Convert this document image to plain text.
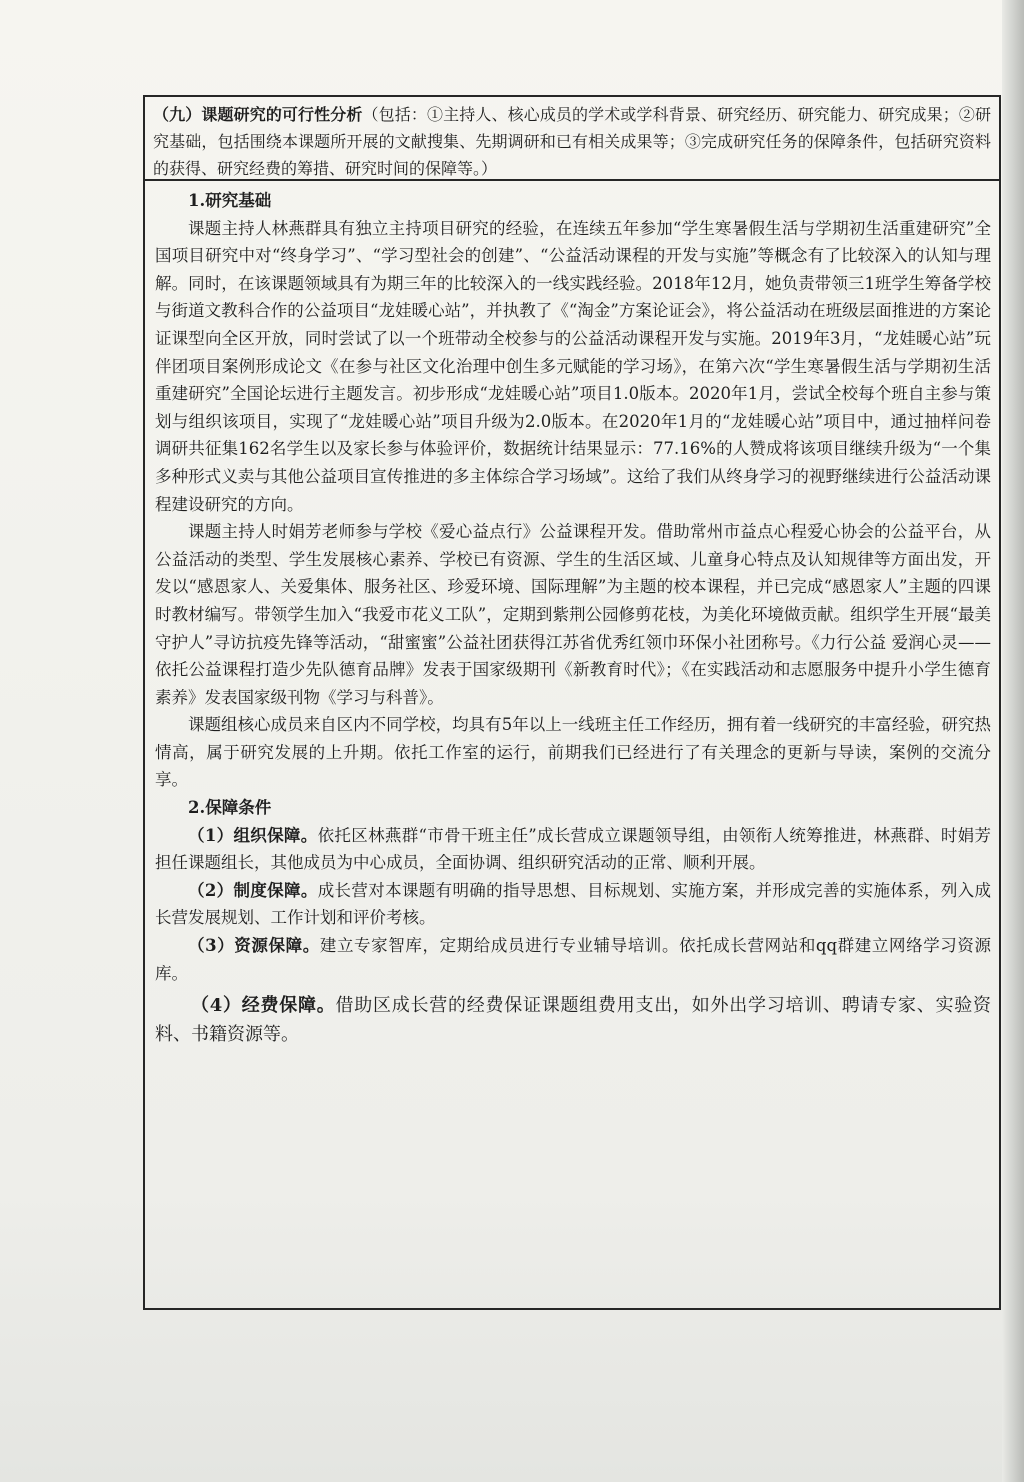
（九）课题研究的可行性分析（包括：①主持人、核心成员的学术或学科背景、研究经历、研究能力、研究成果；②研究基础，包括围绕本课题所开展的文献搜集、先期调研和已有相关成果等；③完成研究任务的保障条件，包括研究资料的获得、研究经费的筹措、研究时间的保障等。）
1.研究基础

课题主持人林燕群具有独立主持项目研究的经验，在连续五年参加“学生寒暑假生活与学期初生活重建研究”全国项目研究中对“终身学习”、“学习型社会的创建”、“公益活动课程的开发与实施”等概念有了比较深入的认知与理解。同时，在该课题领域具有为期三年的比较深入的一线实践经验。2018年12月，她负责带领三1班学生筹备学校与街道文教科合作的公益项目“龙娃暖心站”，并执教了《“淘金”方案论证会》，将公益活动在班级层面推进的方案论证课型向全区开放，同时尝试了以一个班带动全校参与的公益活动课程开发与实施。2019年3月，“龙娃暖心站”玩伴团项目案例形成论文《在参与社区文化治理中创生多元赋能的学习场》，在第六次“学生寒暑假生活与学期初生活重建研究”全国论坛进行主题发言。初步形成“龙娃暖心站”项目1.0版本。2020年1月，尝试全校每个班自主参与策划与组织该项目，实现了“龙娃暖心站”项目升级为2.0版本。在2020年1月的“龙娃暖心站”项目中，通过抽样问卷调研共征集162名学生以及家长参与体验评价，数据统计结果显示：77.16%的人赞成将该项目继续升级为“一个集多种形式义卖与其他公益项目宣传推进的多主体综合学习场域”。这给了我们从终身学习的视野继续进行公益活动课程建设研究的方向。

课题主持人时娟芳老师参与学校《爱心益点行》公益课程开发。借助常州市益点心程爱心协会的公益平台，从公益活动的类型、学生发展核心素养、学校已有资源、学生的生活区域、儿童身心特点及认知规律等方面出发，开发以“感恩家人、关爱集体、服务社区、珍爱环境、国际理解”为主题的校本课程，并已完成“感恩家人”主题的四课时教材编写。带领学生加入“我爱市花义工队”，定期到紫荆公园修剪花枝，为美化环境做贡献。组织学生开展“最美守护人”寻访抗疫先锋等活动，“甜蜜蜜”公益社团获得江苏省优秀红领巾环保小社团称号。《力行公益 爱润心灵——依托公益课程打造少先队德育品牌》发表于国家级期刊《新教育时代》；《在实践活动和志愿服务中提升小学生德育素养》发表国家级刊物《学习与科普》。

课题组核心成员来自区内不同学校，均具有5年以上一线班主任工作经历，拥有着一线研究的丰富经验，研究热情高，属于研究发展的上升期。依托工作室的运行，前期我们已经进行了有关理念的更新与导读，案例的交流分享。

2.保障条件

（1）组织保障。依托区林燕群“市骨干班主任”成长营成立课题领导组，由领衔人统筹推进，林燕群、时娟芳担任课题组长，其他成员为中心成员，全面协调、组织研究活动的正常、顺利开展。

（2）制度保障。成长营对本课题有明确的指导思想、目标规划、实施方案，并形成完善的实施体系，列入成长营发展规划、工作计划和评价考核。

（3）资源保障。建立专家智库，定期给成员进行专业辅导培训。依托成长营网站和qq群建立网络学习资源库。

（4）经费保障。借助区成长营的经费保证课题组费用支出，如外出学习培训、聘请专家、实验资料、书籍资源等。
